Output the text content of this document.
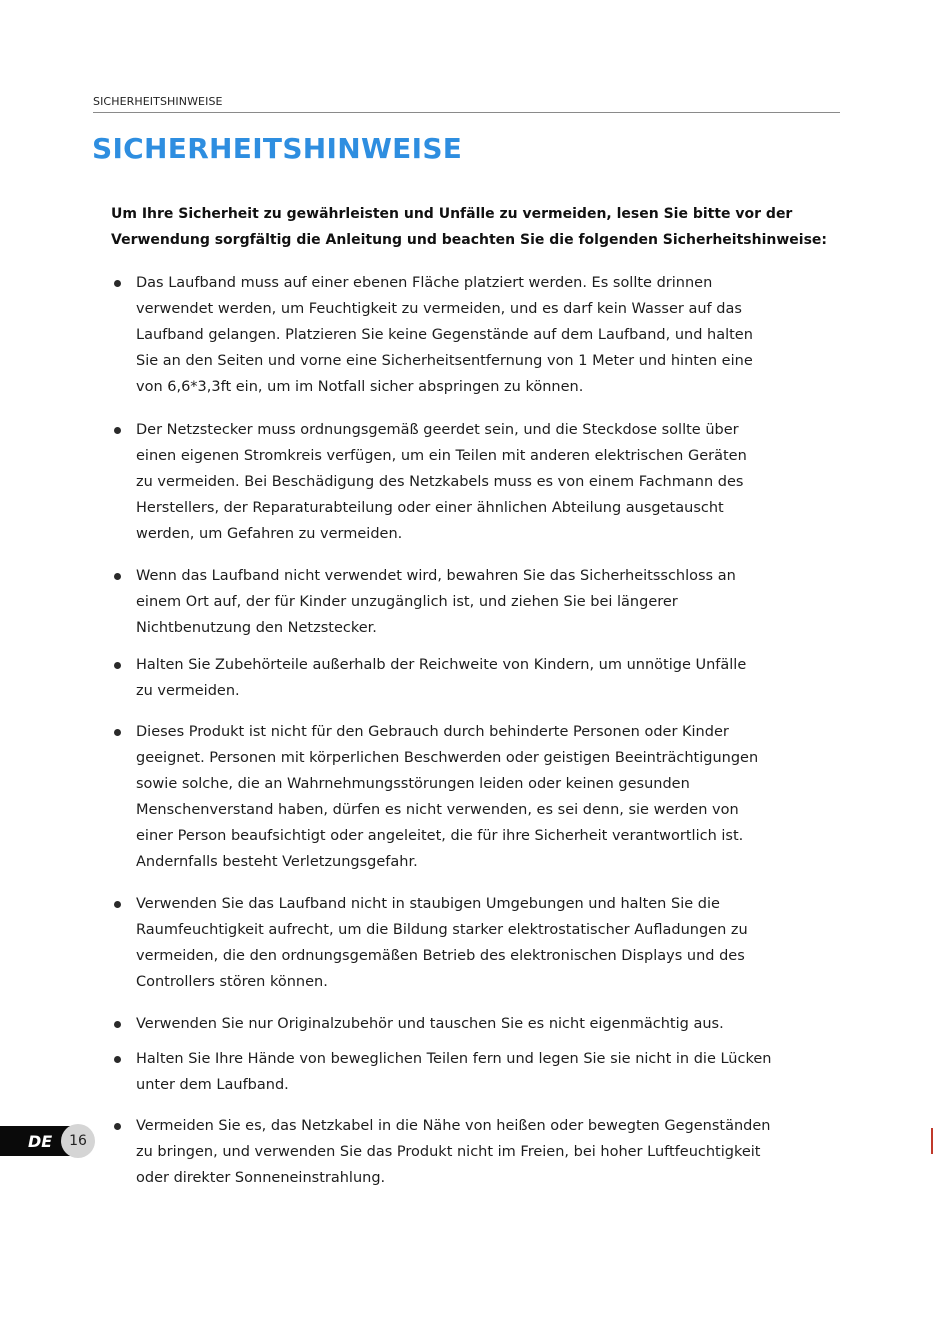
SICHERHEITSHINWEISE
SICHERHEITSHINWEISE
Um Ihre Sicherheit zu gewährleisten und Unfälle zu vermeiden, lesen Sie bitte vor der
Verwendung sorgfältig die Anleitung und beachten Sie die folgenden Sicherheitshinweise:
Das Laufband muss auf einer ebenen Fläche platziert werden. Es sollte drinnen
verwendet werden, um Feuchtigkeit zu vermeiden, und es darf kein Wasser auf das
Laufband gelangen. Platzieren Sie keine Gegenstände auf dem Laufband, und halten
Sie an den Seiten und vorne eine Sicherheitsentfernung von 1 Meter und hinten eine
von 6,6*3,3ft ein, um im Notfall sicher abspringen zu können.
Der Netzstecker muss ordnungsgemäß geerdet sein, und die Steckdose sollte über
einen eigenen Stromkreis verfügen, um ein Teilen mit anderen elektrischen Geräten
zu vermeiden. Bei Beschädigung des Netzkabels muss es von einem Fachmann des
Herstellers, der Reparaturabteilung oder einer ähnlichen Abteilung ausgetauscht
werden, um Gefahren zu vermeiden.
Wenn das Laufband nicht verwendet wird, bewahren Sie das Sicherheitsschloss an
einem Ort auf, der für Kinder unzugänglich ist, und ziehen Sie bei längerer
Nichtbenutzung den Netzstecker.
Halten Sie Zubehörteile außerhalb der Reichweite von Kindern, um unnötige Unfälle
zu vermeiden.
Dieses Produkt ist nicht für den Gebrauch durch behinderte Personen oder Kinder
geeignet. Personen mit körperlichen Beschwerden oder geistigen Beeinträchtigungen
sowie solche, die an Wahrnehmungsstörungen leiden oder keinen gesunden
Menschenverstand haben, dürfen es nicht verwenden, es sei denn, sie werden von
einer Person beaufsichtigt oder angeleitet, die für ihre Sicherheit verantwortlich ist.
Andernfalls besteht Verletzungsgefahr.
Verwenden Sie das Laufband nicht in staubigen Umgebungen und halten Sie die
Raumfeuchtigkeit aufrecht, um die Bildung starker elektrostatischer Aufladungen zu
vermeiden, die den ordnungsgemäßen Betrieb des elektronischen Displays und des
Controllers stören können.
Verwenden Sie nur Originalzubehör und tauschen Sie es nicht eigenmächtig aus.
Halten Sie Ihre Hände von beweglichen Teilen fern und legen Sie sie nicht in die Lücken
unter dem Laufband.
Vermeiden Sie es, das Netzkabel in die Nähe von heißen oder bewegten Gegenständen
zu bringen, und verwenden Sie das Produkt nicht im Freien, bei hoher Luftfeuchtigkeit
oder direkter Sonneneinstrahlung.
DE 16
